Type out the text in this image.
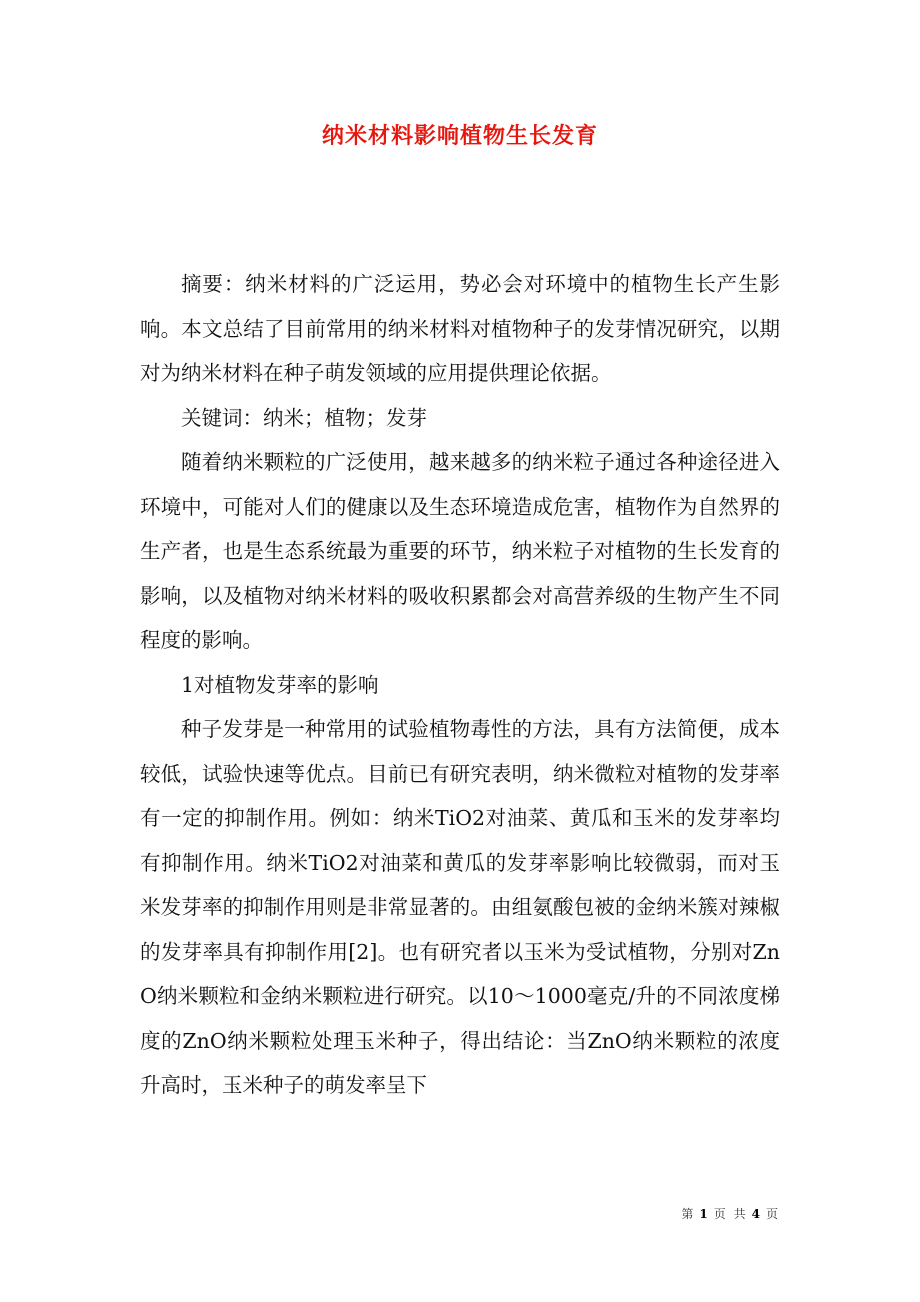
纳米材料影响植物生长发育

摘要：纳米材料的广泛运用，势必会对环境中的植物生长产生影响。本文总结了目前常用的纳米材料对植物种子的发芽情况研究，以期对为纳米材料在种子萌发领域的应用提供理论依据。

关键词：纳米；植物；发芽

随着纳米颗粒的广泛使用，越来越多的纳米粒子通过各种途径进入环境中，可能对人们的健康以及生态环境造成危害，植物作为自然界的生产者，也是生态系统最为重要的环节，纳米粒子对植物的生长发育的影响，以及植物对纳米材料的吸收积累都会对高营养级的生物产生不同程度的影响。

1对植物发芽率的影响

种子发芽是一种常用的试验植物毒性的方法，具有方法简便，成本较低，试验快速等优点。目前已有研究表明，纳米微粒对植物的发芽率有一定的抑制作用。例如：纳米TiO2对油菜、黄瓜和玉米的发芽率均有抑制作用。纳米TiO2对油菜和黄瓜的发芽率影响比较微弱，而对玉米发芽率的抑制作用则是非常显著的。由组氨酸包被的金纳米簇对辣椒的发芽率具有抑制作用[2]。也有研究者以玉米为受试植物，分别对ZnO纳米颗粒和金纳米颗粒进行研究。以10～1000毫克/升的不同浓度梯度的ZnO纳米颗粒处理玉米种子，得出结论：当ZnO纳米颗粒的浓度升高时，玉米种子的萌发率呈下

第 1 页 共 4 页
